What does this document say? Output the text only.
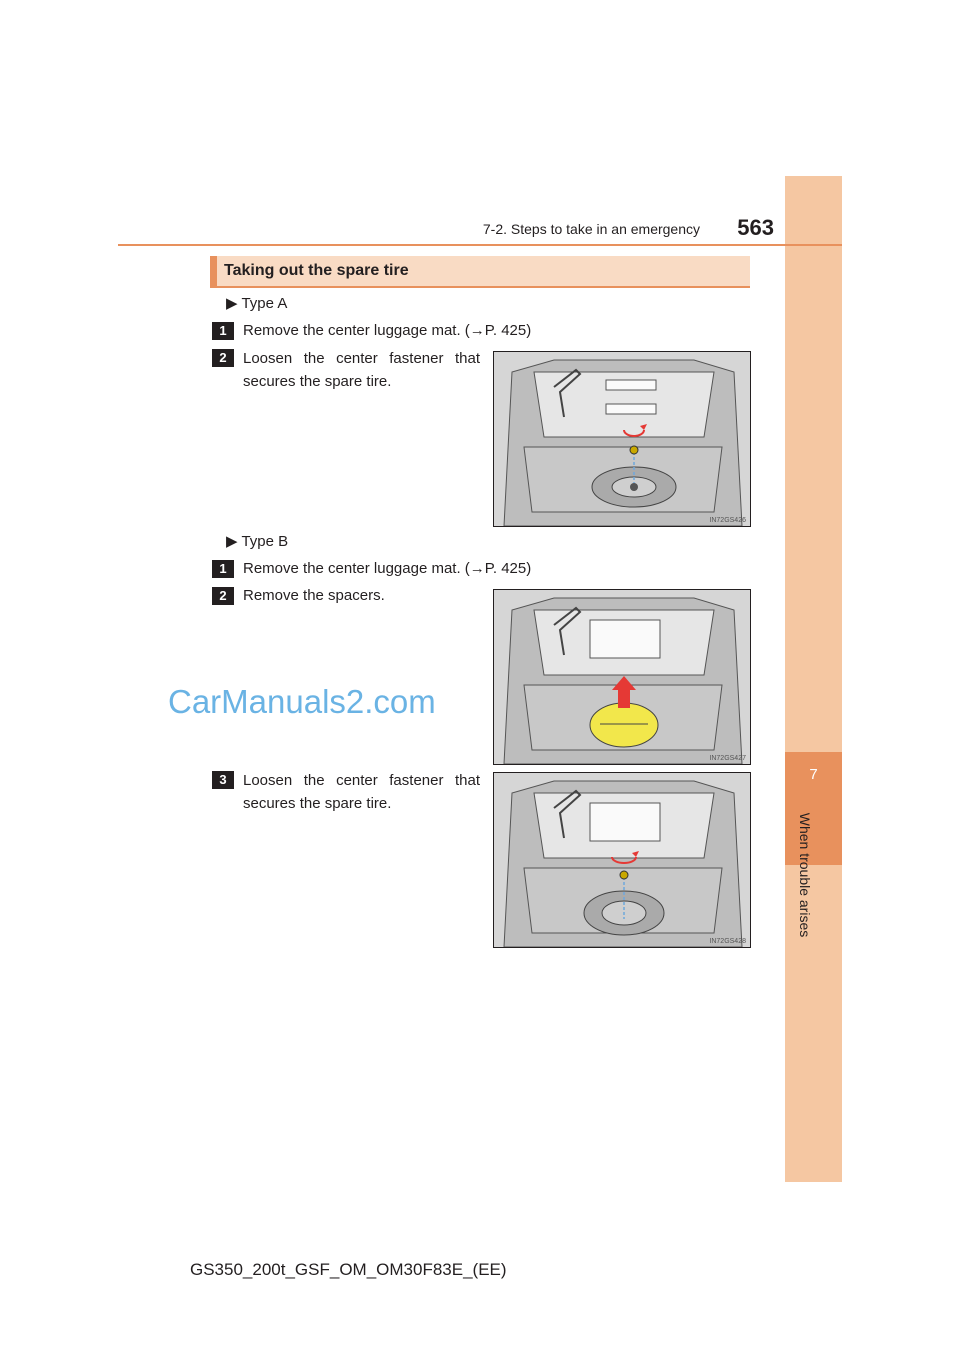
7
When trouble arises
7-2. Steps to take in an emergency	563
Taking out the spare tire
▶︎ Type A
1	Remove the center luggage mat. (→P. 425)
2	Loosen the center fastener that secures the spare tire.
IN72GS426
▶︎ Type B
1	Remove the center luggage mat. (→P. 425)
2	Remove the spacers.
IN72GS427
3	Loosen the center fastener that secures the spare tire.
IN72GS428
CarManuals2.com
GS350_200t_GSF_OM_OM30F83E_(EE)
